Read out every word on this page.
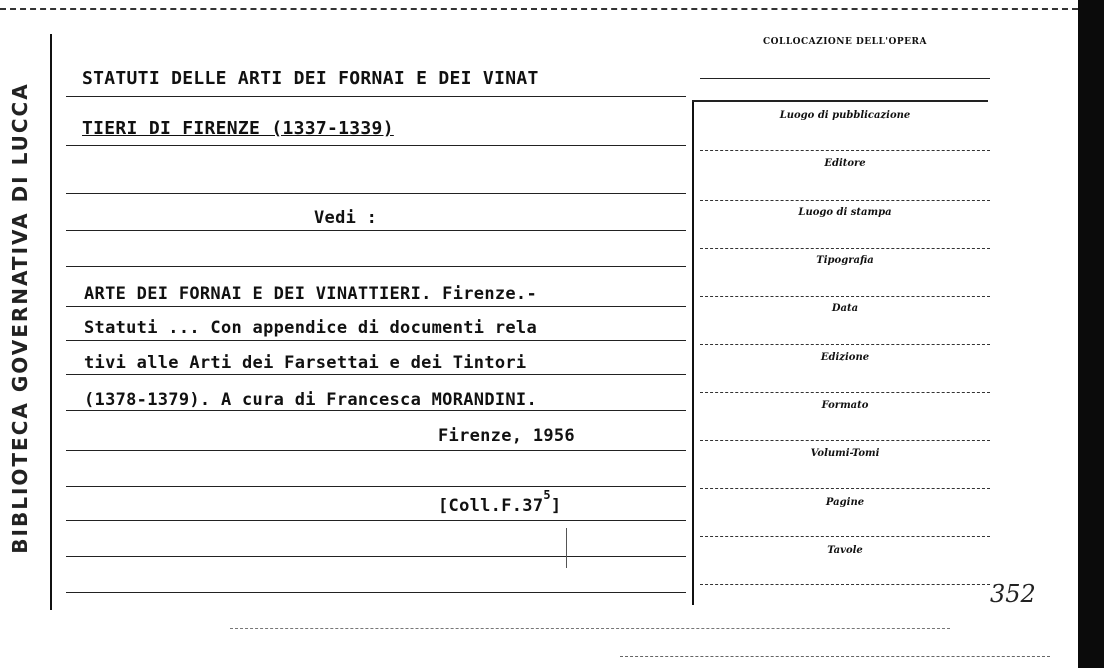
BIBLIOTECA GOVERNATIVA DI LUCCA
COLLOCAZIONE DELL'OPERA
Luogo di pubblicazione
Editore
Luogo di stampa
Tipografia
Data
Edizione
Formato
Volumi-Tomi
Pagine
Tavole
STATUTI DELLE ARTI DEI FORNAI E DEI VINAT
TIERI DI FIRENZE (1337-1339)
Vedi :
ARTE DEI FORNAI E DEI VINATTIERI. Firenze.-
Statuti ... Con appendice di documenti rela
tivi alle Arti dei Farsettai e dei Tintori
(1378-1379). A cura di Francesca MORANDINI.
Firenze, 1956
$[Coll.F.37^5]$
352
